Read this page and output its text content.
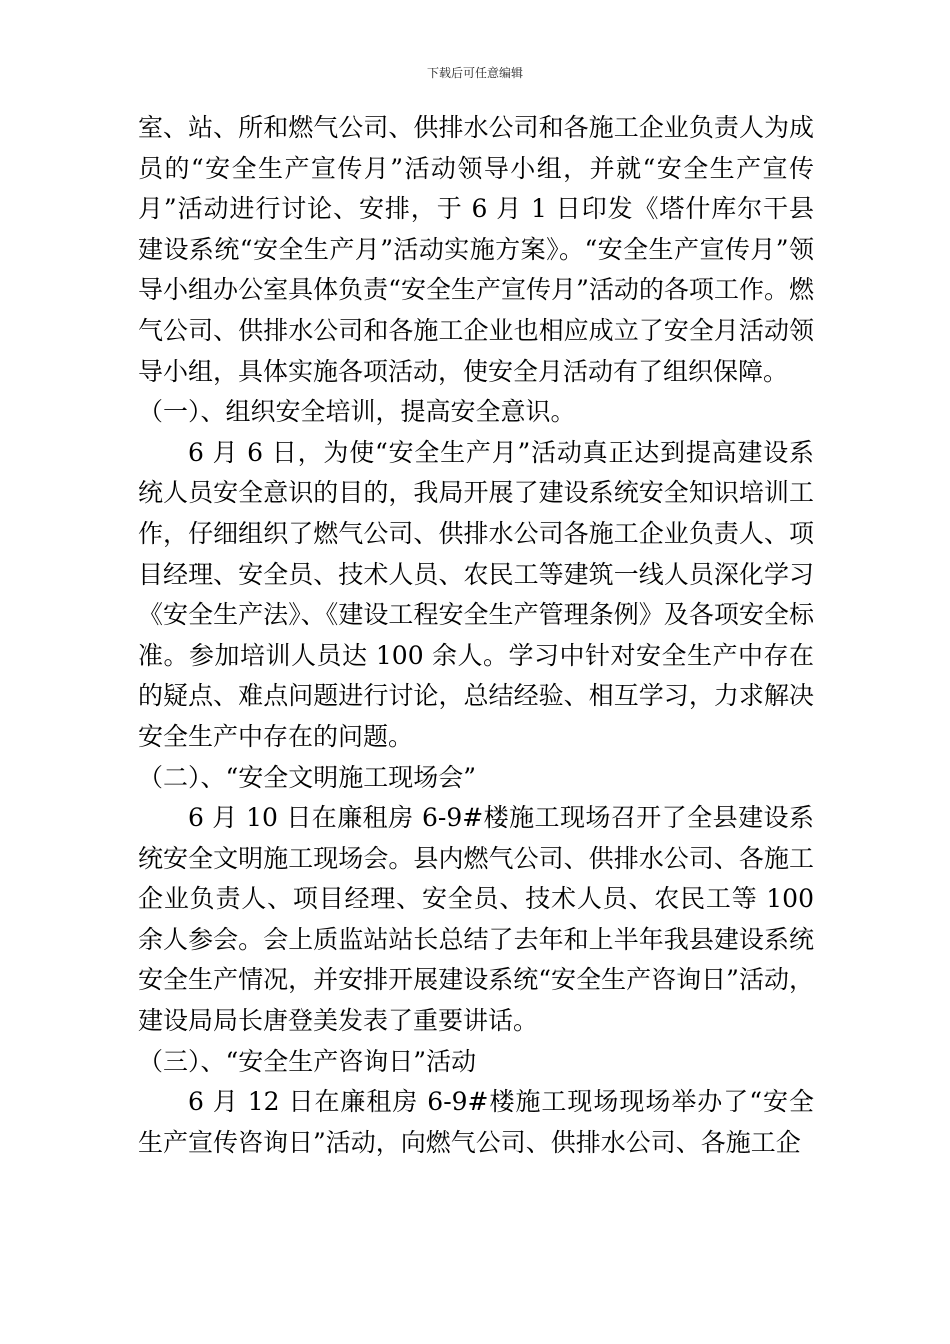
下载后可任意编辑

室、站、所和燃气公司、供排水公司和各施工企业负责人为成员的“安全生产宣传月”活动领导小组，并就“安全生产宣传月”活动进行讨论、安排，于 6 月 1 日印发《塔什库尔干县建设系统“安全生产月”活动实施方案》。“安全生产宣传月”领导小组办公室具体负责“安全生产宣传月”活动的各项工作。燃气公司、供排水公司和各施工企业也相应成立了安全月活动领导小组，具体实施各项活动，使安全月活动有了组织保障。

（一）、组织安全培训，提高安全意识。

6 月 6 日，为使“安全生产月”活动真正达到提高建设系统人员安全意识的目的，我局开展了建设系统安全知识培训工作，仔细组织了燃气公司、供排水公司各施工企业负责人、项目经理、安全员、技术人员、农民工等建筑一线人员深化学习《安全生产法》、《建设工程安全生产管理条例》及各项安全标准。参加培训人员达 100 余人。学习中针对安全生产中存在的疑点、难点问题进行讨论，总结经验、相互学习，力求解决安全生产中存在的问题。

（二）、“安全文明施工现场会”

6 月 10 日在廉租房 6-9#楼施工现场召开了全县建设系统安全文明施工现场会。县内燃气公司、供排水公司、各施工企业负责人、项目经理、安全员、技术人员、农民工等 100 余人参会。会上质监站站长总结了去年和上半年我县建设系统安全生产情况，并安排开展建设系统“安全生产咨询日”活动，建设局局长唐登美发表了重要讲话。

（三）、“安全生产咨询日”活动

6 月 12 日在廉租房 6-9#楼施工现场现场举办了“安全生产宣传咨询日”活动，向燃气公司、供排水公司、各施工企
